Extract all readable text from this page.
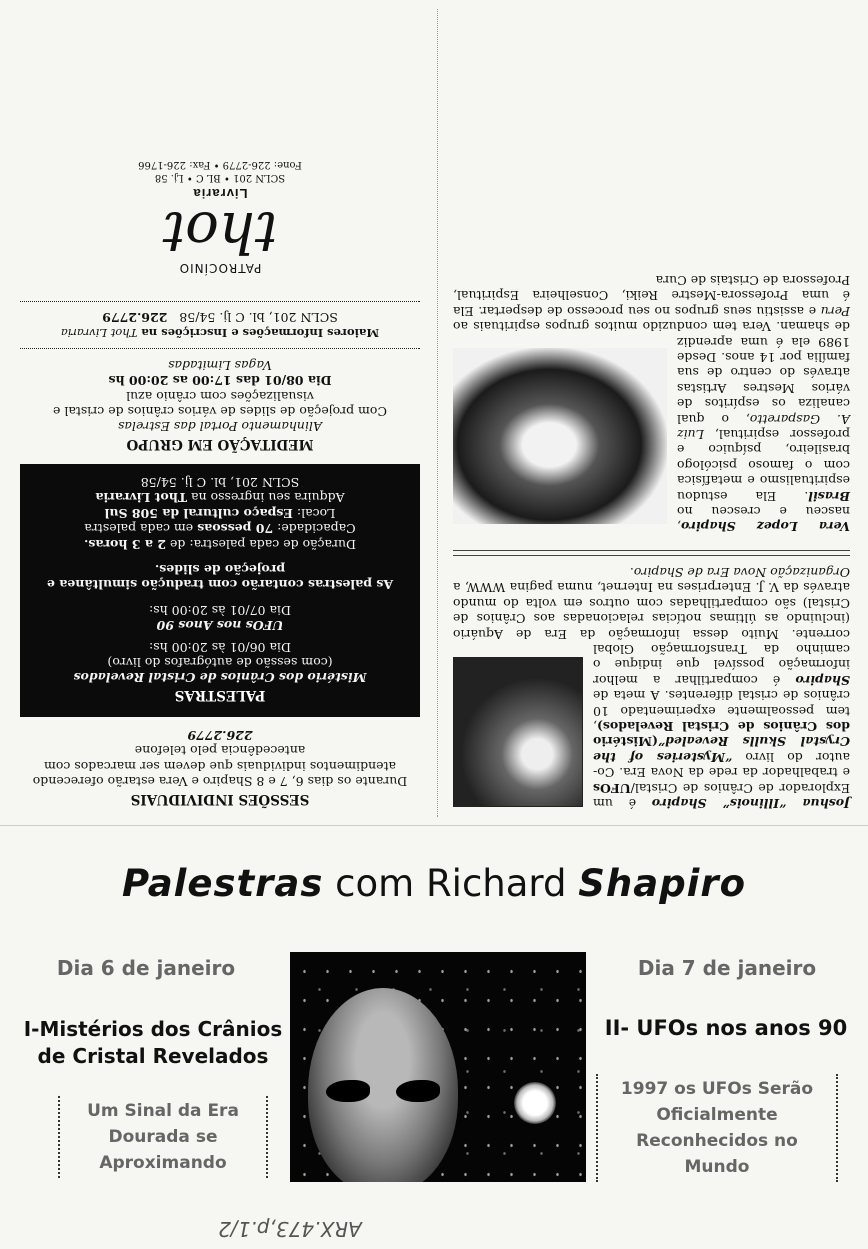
Joshua “Illinois” Shapiro é um Explorador de Crânios de Cristal/UFOs e trabalhador da rede da Nova Era. Co-autor do livro “Mysteries of the Crystal Skulls Revealed”(Mistério dos Crânios de Cristal Revelados), tem pessoalmente experimentado 10 crânios de cristal diferentes. A meta de Shapiro é compartilhar a melhor informação possível que indique o caminho da Transformação Global corrente. Muito dessa informação da Era de Aquário (incluindo as últimas notícias relacionadas aos Crânios de Cristal) são compartilhadas com outros em volta do mundo através da V. J. Enterprises na Internet, numa pagina WWW, a Organização Nova Era de Shapiro.

Vera Lopez Shapiro, nasceu e cresceu no Brasil. Ela estudou espiritualismo e metafísica com o famoso psicólogo brasileiro, psíquico e professor espiritual, Luiz A. Gasparetto, o qual canaliza os espíritos de vários Mestres Artistas através do centro de sua família por 14 anos. Desde 1989 ela é uma aprendiz de shaman. Vera tem conduzido muitos grupos espirituais ao Peru e assistiu seus grupos no seu processo de despertar. Ela é uma Professora-Mestre Reiki, Conselheira Espiritual, Professora de Cristais de Cura

SESSÕES INDIVIDUAIS

Durante os dias 6, 7 e 8 Shapiro e Vera estarão oferecendo atendimentos individuais que devem ser marcados com antecedência pelo telefone

226.2779

PALESTRAS

Mistério dos Crânios de Cristal Revelados

(com sessão de autógrafos do livro)

Dia 06/01 às 20:00 hs:

UFOs nos Anos 90

Dia 07/01 às 20:00 hs:

As palestras contarão com tradução simultânea e projeção de slides.

Duração de cada palestra: de 2 a 3 horas.

Capacidade: 70 pessoas em cada palestra

Local: Espaço cultural da 508 Sul

Adquira seu ingresso na Thot Livraria

SCLN 201, bl. C lj. 54/58

MEDITAÇÃO EM GRUPO

Alinhamento Portal das Estrelas

Com projeção de slides de vários crânios de cristal e visualizações com crânio azul

Dia 08/01 das 17:00 as 20:00 hs

Vagas Limitadas

Maiores Informações e Inscrições na Thot Livraria

SCLN 201, bl. C lj. 54/58   226.2779

PATROCÍNIO

thot

Livraria

SCLN 201 • BL C • Lj. 58

Fone: 226-2779 • Fax: 226-1766

Palestras com Richard Shapiro
Dia 6 de janeiro	Dia 7 de janeiro
I-Mistérios dos Crânios de Cristal Revelados
II- UFOs nos anos 90
Um Sinal da Era Dourada se Aproximando
1997 os UFOs Serão Oficialmente Reconhecidos no Mundo
ARX.473,p.1/2
